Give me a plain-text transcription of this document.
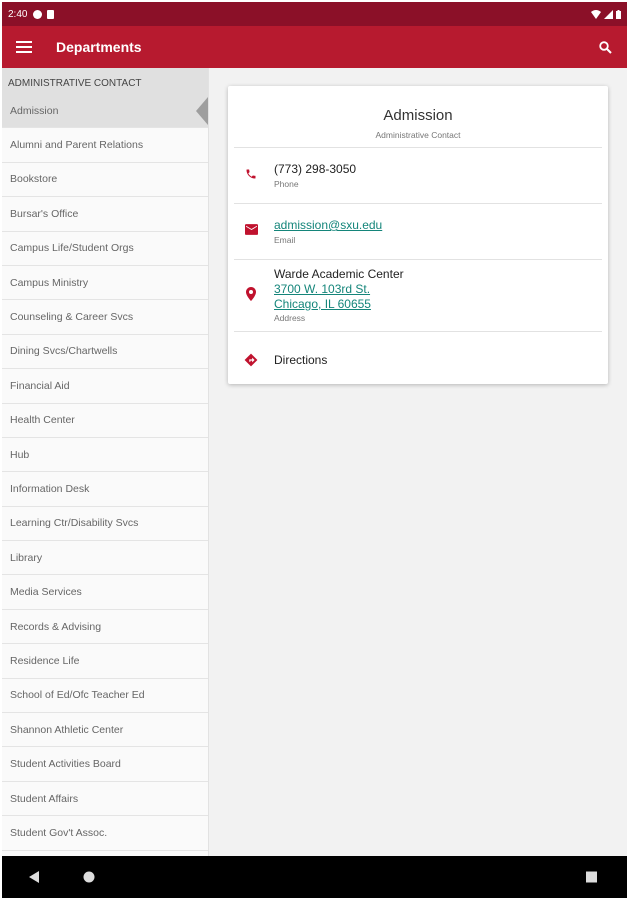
2:40
Departments
ADMINISTRATIVE CONTACT
Admission
Alumni and Parent Relations
Bookstore
Bursar's Office
Campus Life/Student Orgs
Campus Ministry
Counseling & Career Svcs
Dining Svcs/Chartwells
Financial Aid
Health Center
Hub
Information Desk
Learning Ctr/Disability Svcs
Library
Media Services
Records & Advising
Residence Life
School of Ed/Ofc Teacher Ed
Shannon Athletic Center
Student Activities Board
Student Affairs
Student Gov't Assoc.
Admission
Administrative Contact
(773) 298-3050
Phone
admission@sxu.edu
Email
Warde Academic Center
3700 W. 103rd St.
Chicago, IL 60655
Address
Directions
